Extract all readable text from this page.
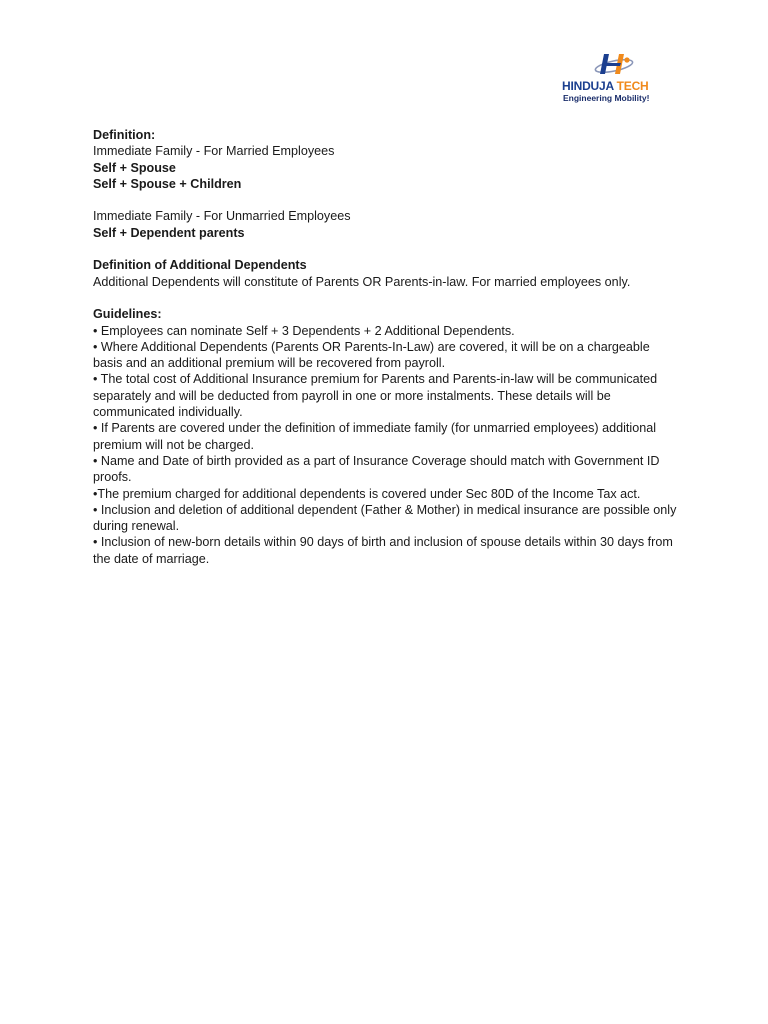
HINDUJA TECH
Engineering Mobility!

Definition:

Immediate Family - For Married Employees

Self + Spouse

Self + Spouse + Children

Immediate Family - For Unmarried Employees

Self + Dependent parents

Definition of Additional Dependents

Additional Dependents will constitute of Parents OR Parents-in-law. For married employees only.

Guidelines:

• Employees can nominate Self + 3 Dependents + 2 Additional Dependents.

• Where Additional Dependents (Parents OR Parents-In-Law) are covered, it will be on a chargeable basis and an additional premium will be recovered from payroll.

• The total cost of Additional Insurance premium for Parents and Parents-in-law will be communicated separately and will be deducted from payroll in one or more instalments. These details will be communicated individually.

• If Parents are covered under the definition of immediate family (for unmarried employees) additional premium will not be charged.

• Name and Date of birth provided as a part of Insurance Coverage should match with Government ID proofs.

•The premium charged for additional dependents is covered under Sec 80D of the Income Tax act.

• Inclusion and deletion of additional dependent (Father & Mother) in medical insurance are possible only during renewal.

• Inclusion of new-born details within 90 days of birth and inclusion of spouse details within 30 days from the date of marriage.
